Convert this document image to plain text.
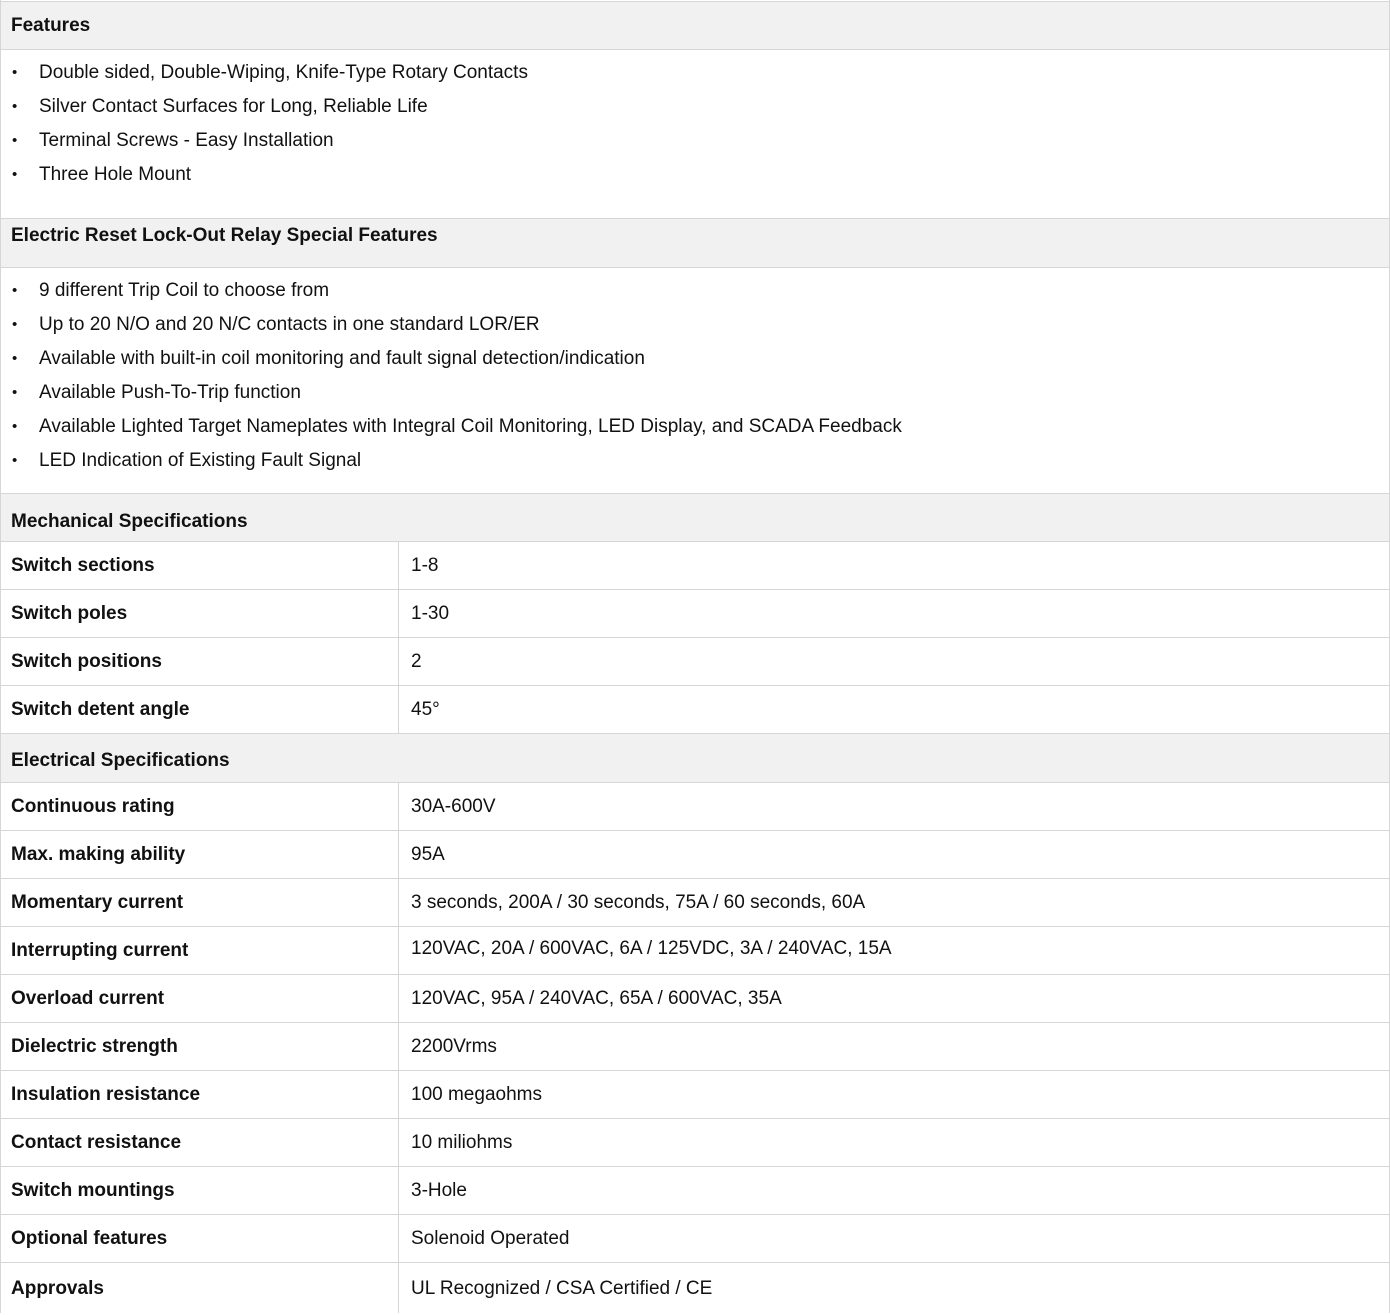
Features
• Double sided, Double-Wiping, Knife-Type Rotary Contacts
• Silver Contact Surfaces for Long, Reliable Life
• Terminal Screws - Easy Installation
• Three Hole Mount
Electric Reset Lock-Out Relay Special Features
• 9 different Trip Coil to choose from
• Up to 20 N/O and 20 N/C contacts in one standard LOR/ER
• Available with built-in coil monitoring and fault signal detection/indication
• Available Push-To-Trip function
• Available Lighted Target Nameplates with Integral Coil Monitoring, LED Display, and SCADA Feedback
• LED Indication of Existing Fault Signal
Mechanical Specifications
Switch sections	1-8
Switch poles	1-30
Switch positions	2
Switch detent angle	45°
Electrical Specifications
Continuous rating	30A-600V
Max. making ability	95A
Momentary current	3 seconds, 200A / 30 seconds, 75A / 60 seconds, 60A
Interrupting current	120VAC, 20A / 600VAC, 6A / 125VDC, 3A / 240VAC, 15A
Overload current	120VAC, 95A / 240VAC, 65A / 600VAC, 35A
Dielectric strength	2200Vrms
Insulation resistance	100 megaohms
Contact resistance	10 miliohms
Switch mountings	3-Hole
Optional features	Solenoid Operated
Approvals	UL Recognized / CSA Certified / CE
